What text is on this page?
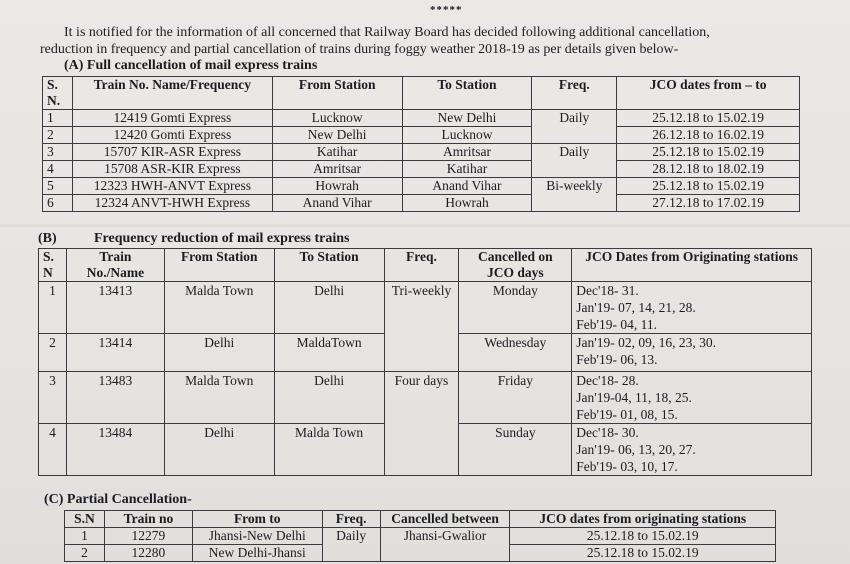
*****
It is notified for the information of all concerned that Railway Board has decided following additional cancellation,
reduction in frequency and partial cancellation of trains during foggy weather 2018-19 as per details given below-
(A) Full cancellation of mail express trains
S. N.	Train No. Name/Frequency	From Station	To Station	Freq.	JCO dates from – to
1	12419 Gomti Express	Lucknow	New Delhi	Daily	25.12.18 to 15.02.19
2	12420 Gomti Express	New Delhi	Lucknow		26.12.18 to 16.02.19
3	15707 KIR-ASR Express	Katihar	Amritsar	Daily	25.12.18 to 15.02.19
4	15708 ASR-KIR Express	Amritsar	Katihar		28.12.18 to 18.02.19
5	12323 HWH-ANVT Express	Howrah	Anand Vihar	Bi-weekly	25.12.18 to 15.02.19
6	12324 ANVT-HWH Express	Anand Vihar	Howrah		27.12.18 to 17.02.19
(B)	Frequency reduction of mail express trains
S. N	Train No./Name	From Station	To Station	Freq.	Cancelled on JCO days	JCO Dates from Originating stations
1	13413	Malda Town	Delhi	Tri-weekly	Monday	Dec'18- 31.
Jan'19- 07, 14, 21, 28.
Feb'19- 04, 11.

2	13414	Delhi	MaldaTown		Wednesday	Jan'19- 02, 09, 16, 23, 30.
Feb'19- 06, 13.

3	13483	Malda Town	Delhi	Four days	Friday	Dec'18- 28.
Jan'19-04, 11, 18, 25.
Feb'19- 01, 08, 15.

4	13484	Delhi	Malda Town		Sunday	Dec'18- 30.
Jan'19- 06, 13, 20, 27.
Feb'19- 03, 10, 17.
(C) Partial Cancellation-
S.N	Train no	From to	Freq.	Cancelled between	JCO dates from originating stations
1	12279	Jhansi-New Delhi	Daily	Jhansi-Gwalior	25.12.18 to 15.02.19
2	12280	New Delhi-Jhansi			25.12.18 to 15.02.19
